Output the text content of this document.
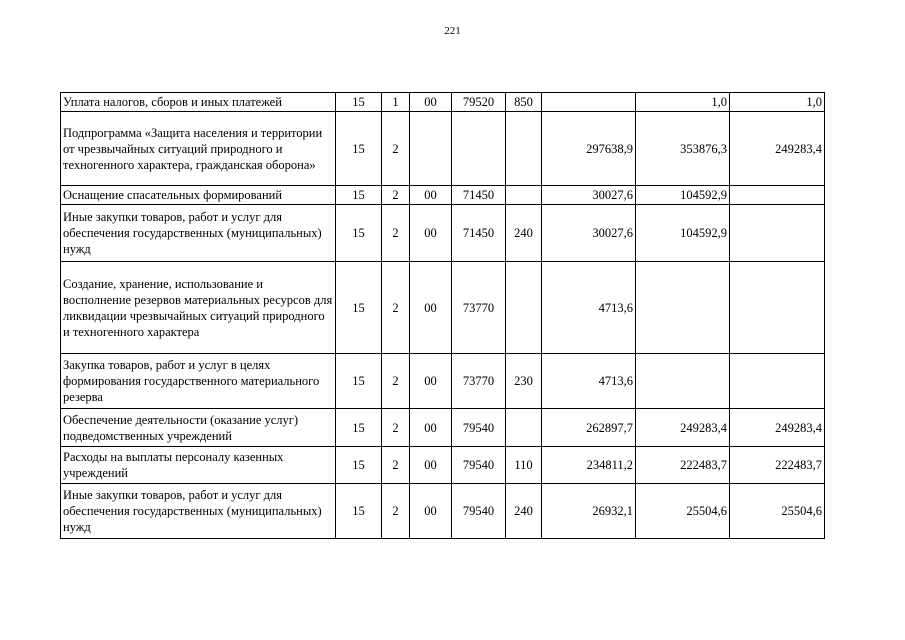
221
Уплата налогов, сборов и иных платежей	15	1	00	79520	850		1,0	1,0
Подпрограмма «Защита населения и территории от чрезвычайных ситуаций природного и техногенного характера, гражданская оборона»	15	2				297638,9	353876,3	249283,4
Оснащение спасательных формирований	15	2	00	71450		30027,6	104592,9	
Иные закупки товаров, работ и услуг для обеспечения государственных (муниципальных) нужд	15	2	00	71450	240	30027,6	104592,9	
Создание, хранение, использование и восполнение резервов материальных ресурсов для ликвидации чрезвычайных ситуаций природного и техногенного характера	15	2	00	73770		4713,6		
Закупка товаров, работ и услуг в целях формирования государственного материального резерва	15	2	00	73770	230	4713,6		
Обеспечение деятельности (оказание услуг) подведомственных учреждений	15	2	00	79540		262897,7	249283,4	249283,4
Расходы на выплаты персоналу казенных учреждений	15	2	00	79540	110	234811,2	222483,7	222483,7
Иные закупки товаров, работ и услуг для обеспечения государственных (муниципальных) нужд	15	2	00	79540	240	26932,1	25504,6	25504,6
